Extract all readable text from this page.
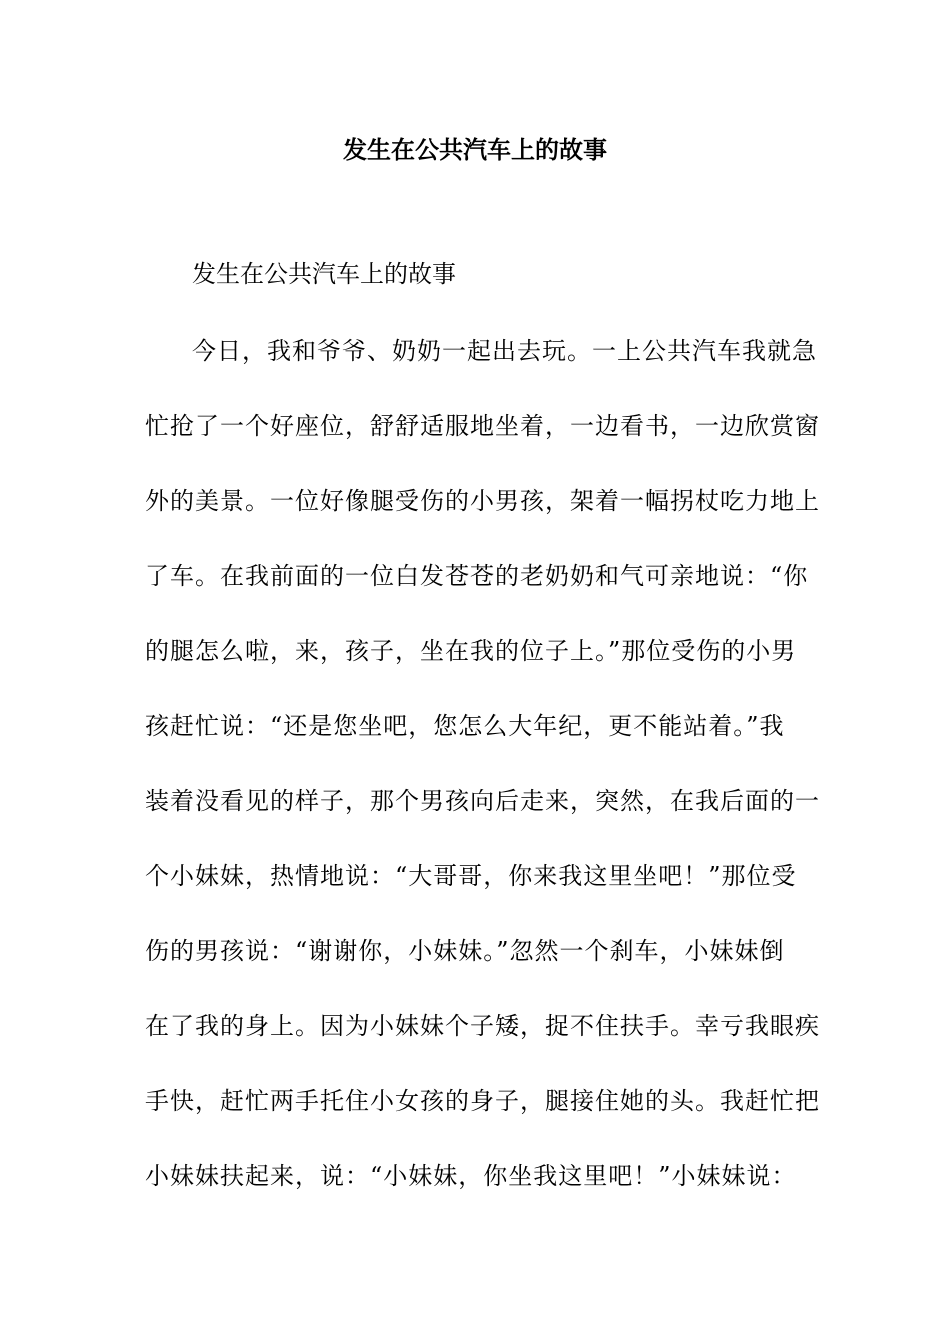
发生在公共汽车上的故事
发生在公共汽车上的故事
今日，我和爷爷、奶奶一起出去玩。一上公共汽车我就急
忙抢了一个好座位，舒舒适服地坐着，一边看书，一边欣赏窗
外的美景。一位好像腿受伤的小男孩，架着一幅拐杖吃力地上
了车。在我前面的一位白发苍苍的老奶奶和气可亲地说：“你
的腿怎么啦，来，孩子，坐在我的位子上。”那位受伤的小男
孩赶忙说：“还是您坐吧，您怎么大年纪，更不能站着。”我
装着没看见的样子，那个男孩向后走来，突然，在我后面的一
个小妹妹，热情地说：“大哥哥，你来我这里坐吧！”那位受
伤的男孩说：“谢谢你，小妹妹。”忽然一个刹车，小妹妹倒
在了我的身上。因为小妹妹个子矮，捉不住扶手。幸亏我眼疾
手快，赶忙两手托住小女孩的身子，腿接住她的头。我赶忙把
小妹妹扶起来，说：“小妹妹，你坐我这里吧！”小妹妹说：
